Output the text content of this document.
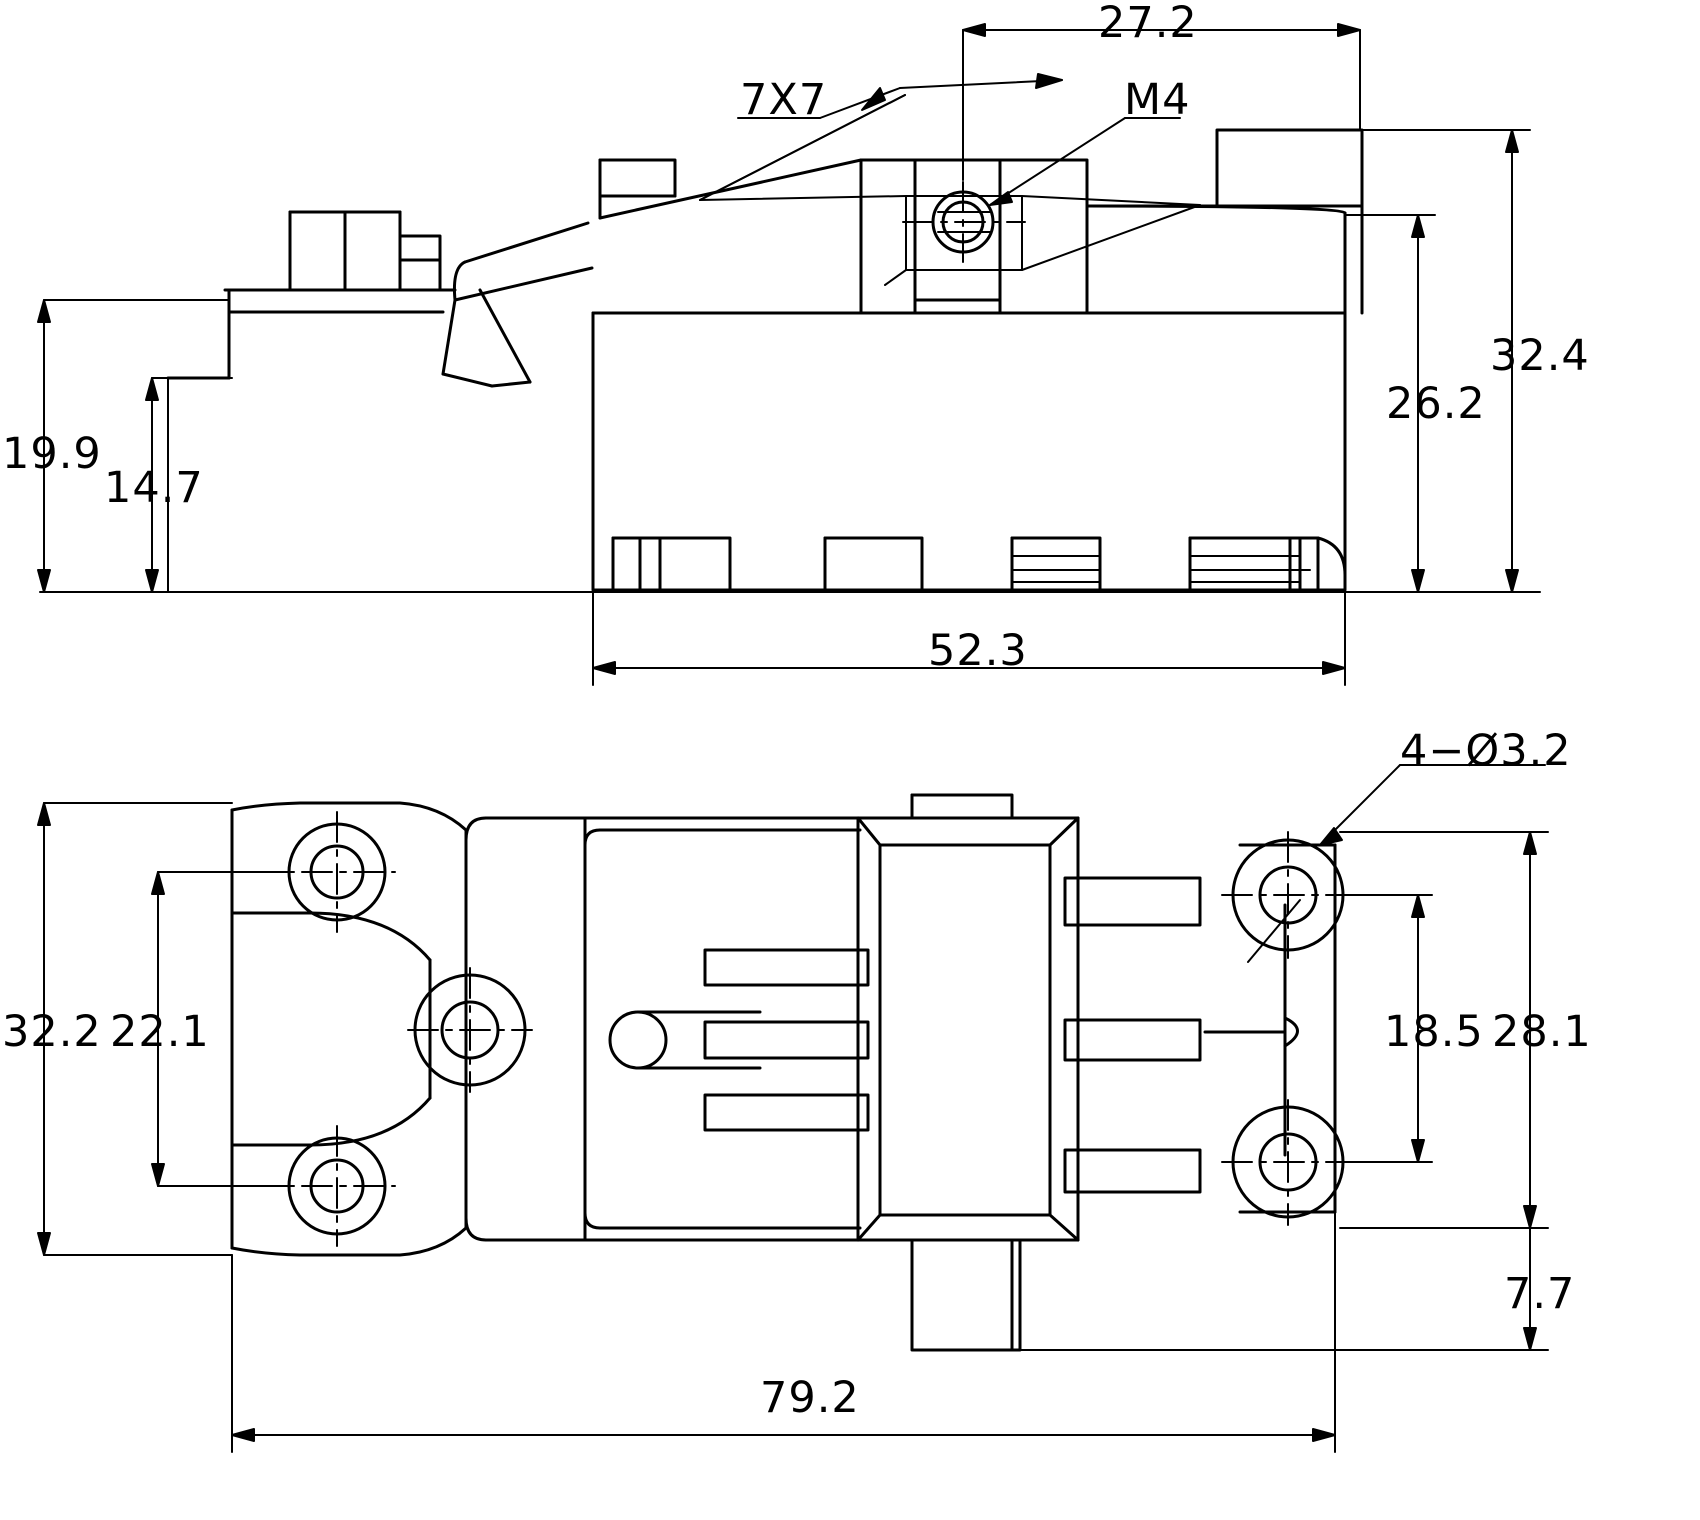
27.2
7X7	M4
32.4
26.2
19.9
14.7
52.3
4−Ø3.2
32.2 22.1	18.5 28.1
7.7
79.2
